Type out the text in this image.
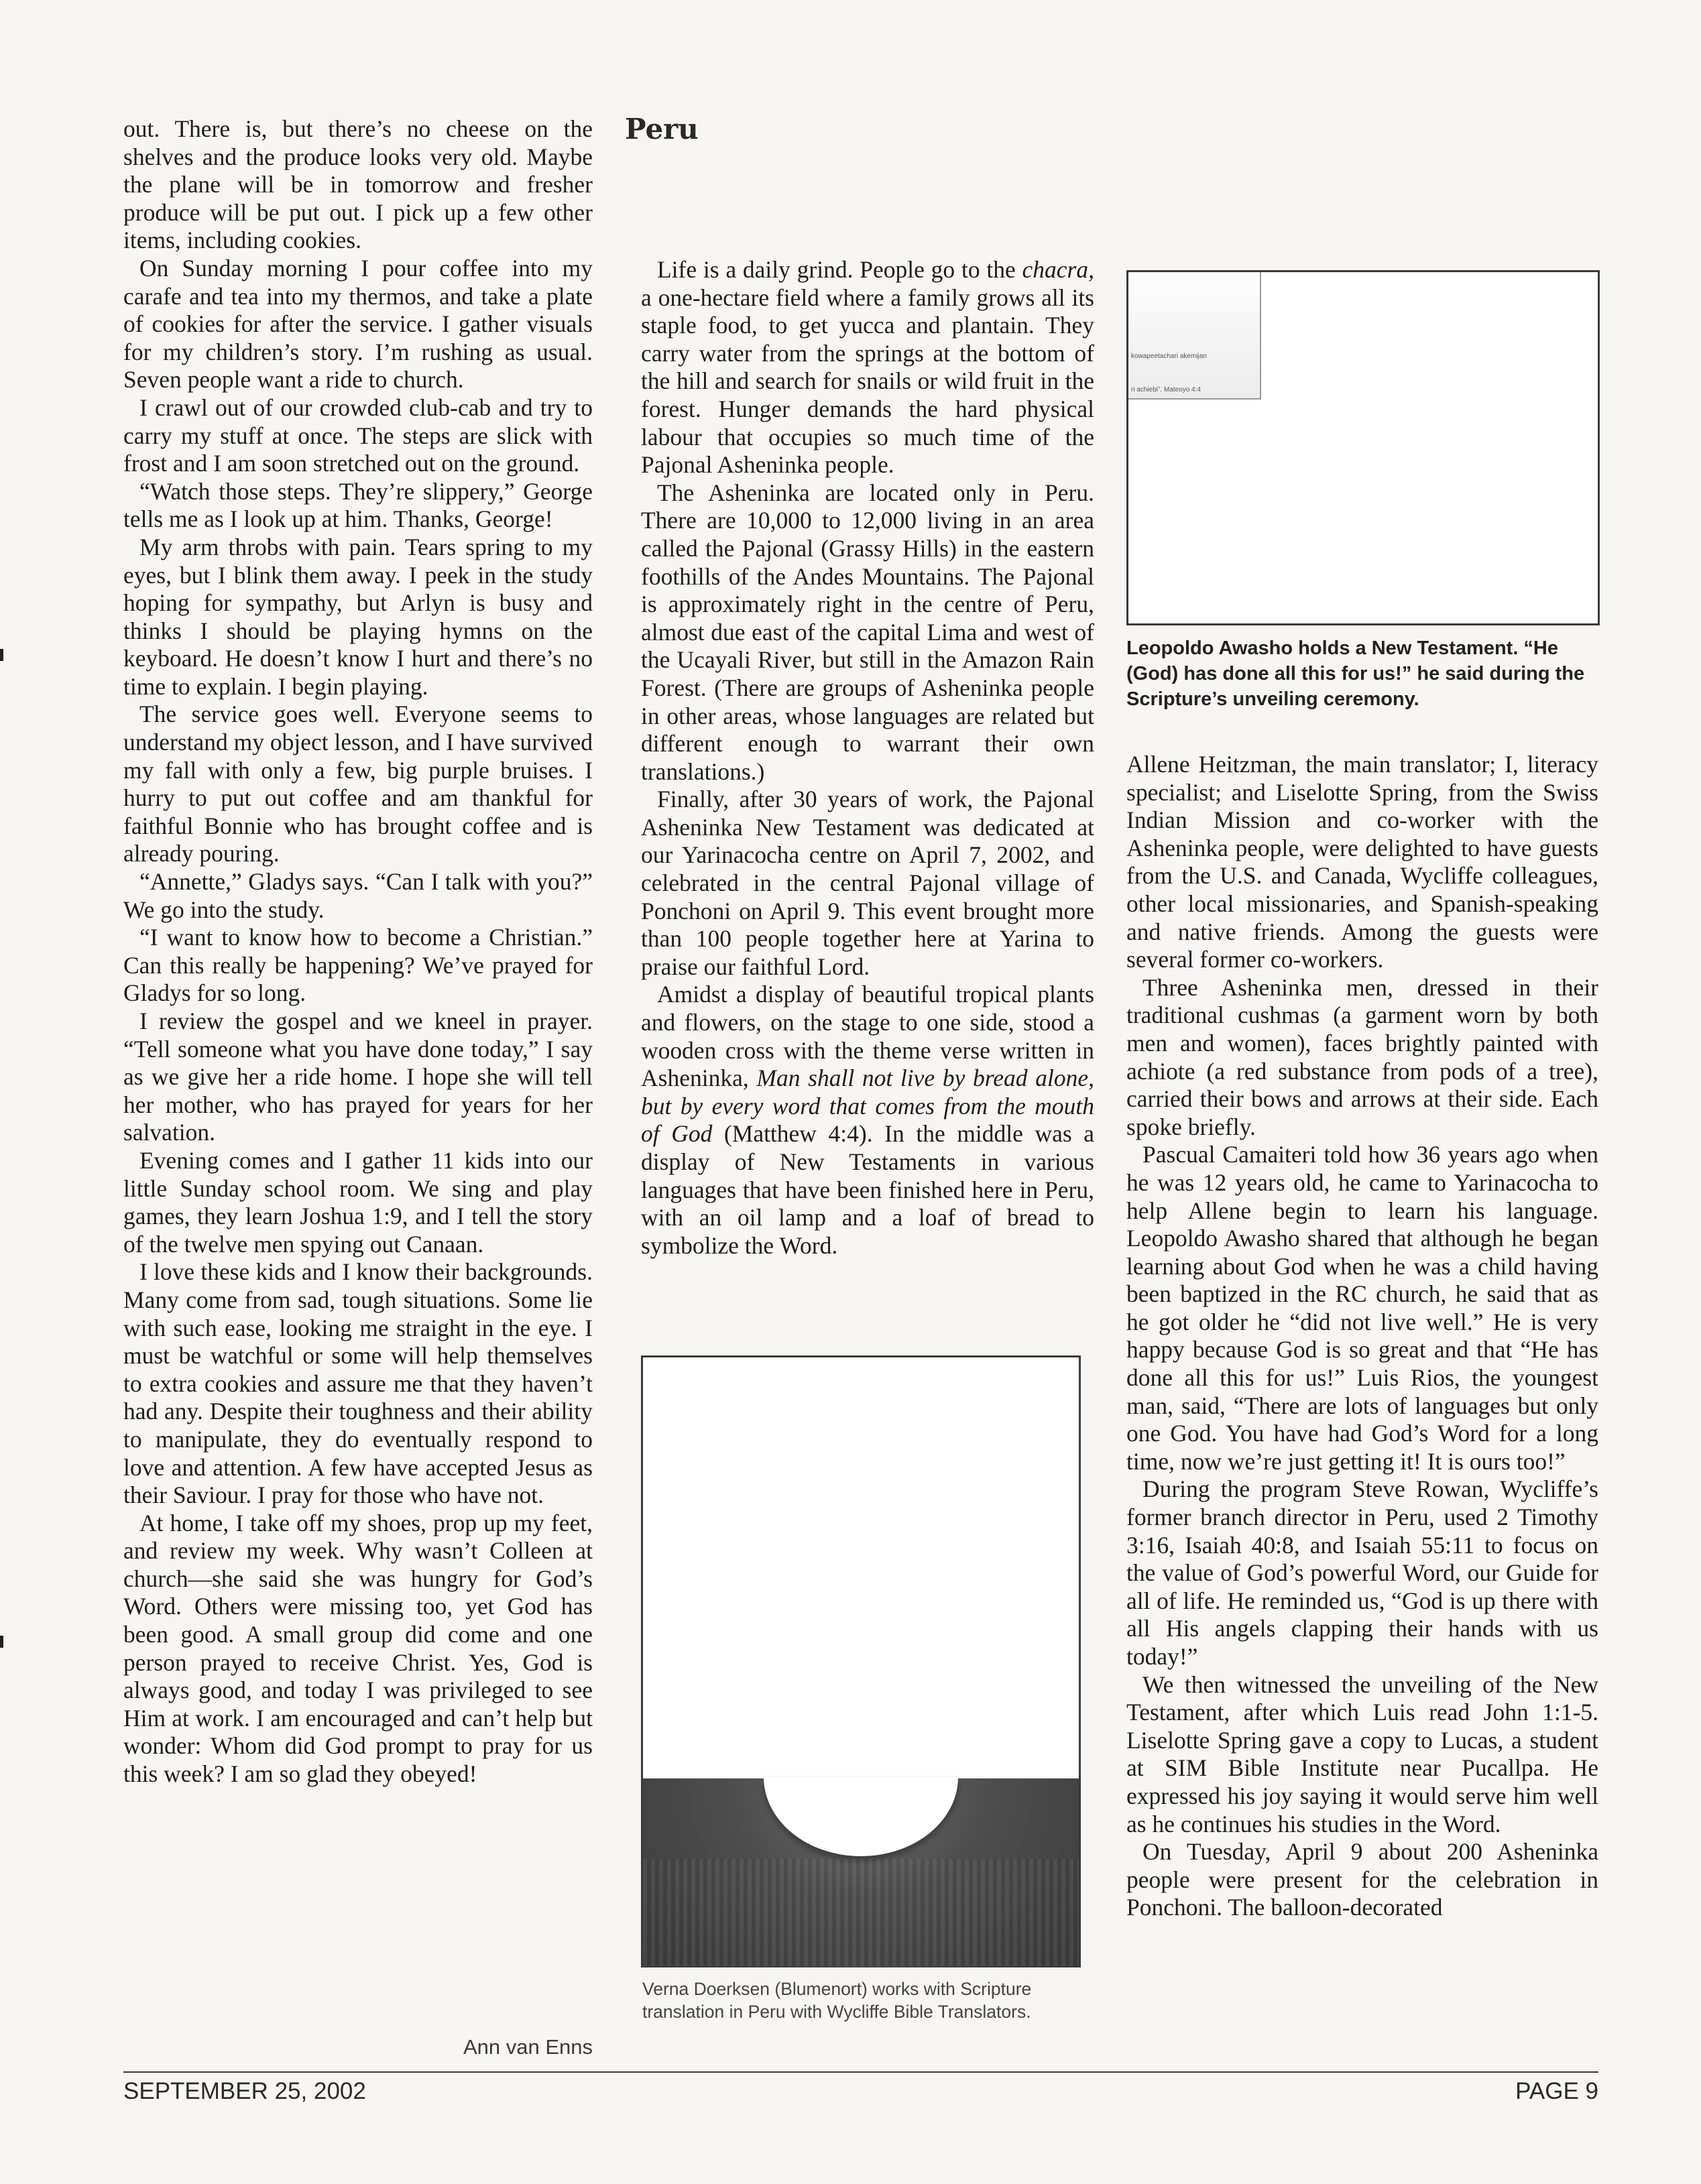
out. There is, but there’s no cheese on the shelves and the produce looks very old. Maybe the plane will be in tomorrow and fresher produce will be put out. I pick up a few other items, including cookies.

On Sunday morning I pour coffee into my carafe and tea into my thermos, and take a plate of cookies for after the service. I gather visuals for my children’s story. I’m rushing as usual. Seven people want a ride to church.

I crawl out of our crowded club-cab and try to carry my stuff at once. The steps are slick with frost and I am soon stretched out on the ground.

“Watch those steps. They’re slippery,” George tells me as I look up at him. Thanks, George!

My arm throbs with pain. Tears spring to my eyes, but I blink them away. I peek in the study hoping for sympathy, but Arlyn is busy and thinks I should be playing hymns on the keyboard. He doesn’t know I hurt and there’s no time to explain. I begin playing.

The service goes well. Everyone seems to understand my object lesson, and I have survived my fall with only a few, big purple bruises. I hurry to put out coffee and am thankful for faithful Bonnie who has brought coffee and is already pouring.

“Annette,” Gladys says. “Can I talk with you?” We go into the study.

“I want to know how to become a Christian.” Can this really be happening? We’ve prayed for Gladys for so long.

I review the gospel and we kneel in prayer. “Tell someone what you have done today,” I say as we give her a ride home. I hope she will tell her mother, who has prayed for years for her salvation.

Evening comes and I gather 11 kids into our little Sunday school room. We sing and play games, they learn Joshua 1:9, and I tell the story of the twelve men spying out Canaan.

I love these kids and I know their backgrounds. Many come from sad, tough situations. Some lie with such ease, looking me straight in the eye. I must be watchful or some will help themselves to extra cookies and assure me that they haven’t had any. Despite their toughness and their ability to manipulate, they do eventually respond to love and attention. A few have accepted Jesus as their Saviour. I pray for those who have not.

At home, I take off my shoes, prop up my feet, and review my week. Why wasn’t Colleen at church—she said she was hungry for God’s Word. Others were missing too, yet God has been good. A small group did come and one person prayed to receive Christ. Yes, God is always good, and today I was privileged to see Him at work. I am encouraged and can’t help but wonder: Whom did God prompt to pray for us this week? I am so glad they obeyed!

Ann van Enns
Peru

Life is a daily grind. People go to the chacra, a one-hectare field where a family grows all its staple food, to get yucca and plantain. They carry water from the springs at the bottom of the hill and search for snails or wild fruit in the forest. Hunger demands the hard physical labour that occupies so much time of the Pajonal Asheninka people.

The Asheninka are located only in Peru. There are 10,000 to 12,000 living in an area called the Pajonal (Grassy Hills) in the eastern foothills of the Andes Mountains. The Pajonal is approximately right in the centre of Peru, almost due east of the capital Lima and west of the Ucayali River, but still in the Amazon Rain Forest. (There are groups of Asheninka people in other areas, whose languages are related but different enough to warrant their own translations.)

Finally, after 30 years of work, the Pajonal Asheninka New Testament was dedicated at our Yarinacocha centre on April 7, 2002, and celebrated in the central Pajonal village of Ponchoni on April 9. This event brought more than 100 people together here at Yarina to praise our faithful Lord.

Amidst a display of beautiful tropical plants and flowers, on the stage to one side, stood a wooden cross with the theme verse written in Asheninka, Man shall not live by bread alone, but by every word that comes from the mouth of God (Matthew 4:4). In the middle was a display of New Testaments in various languages that have been finished here in Peru, with an oil lamp and a loaf of bread to symbolize the Word.

kowapeetachari akemijan
ri achiebi”. Mateoyo 4:4
Leopoldo Awasho holds a New Testament. “He (God) has done all this for us!” he said during the Scripture’s unveiling ceremony.

Allene Heitzman, the main translator; I, literacy specialist; and Liselotte Spring, from the Swiss Indian Mission and co-worker with the Asheninka people, were delighted to have guests from the U.S. and Canada, Wycliffe colleagues, other local missionaries, and Spanish-speaking and native friends. Among the guests were several former co-workers.

Three Asheninka men, dressed in their traditional cushmas (a garment worn by both men and women), faces brightly painted with achiote (a red substance from pods of a tree), carried their bows and arrows at their side. Each spoke briefly.

Pascual Camaiteri told how 36 years ago when he was 12 years old, he came to Yarinacocha to help Allene begin to learn his language. Leopoldo Awasho shared that although he began learning about God when he was a child having been baptized in the RC church, he said that as he got older he “did not live well.” He is very happy because God is so great and that “He has done all this for us!” Luis Rios, the youngest man, said, “There are lots of languages but only one God. You have had God’s Word for a long time, now we’re just getting it! It is ours too!”

During the program Steve Rowan, Wycliffe’s former branch director in Peru, used 2 Timothy 3:16, Isaiah 40:8, and Isaiah 55:11 to focus on the value of God’s powerful Word, our Guide for all of life. He reminded us, “God is up there with all His angels clapping their hands with us today!”

We then witnessed the unveiling of the New Testament, after which Luis read John 1:1-5. Liselotte Spring gave a copy to Lucas, a student at SIM Bible Institute near Pucallpa. He expressed his joy saying it would serve him well as he continues his studies in the Word.

On Tuesday, April 9 about 200 Asheninka people were present for the celebration in Ponchoni. The balloon-decorated

Verna Doerksen (Blumenort) works with Scripture translation in Peru with Wycliffe Bible Translators.
SEPTEMBER 25, 2002	PAGE 9
